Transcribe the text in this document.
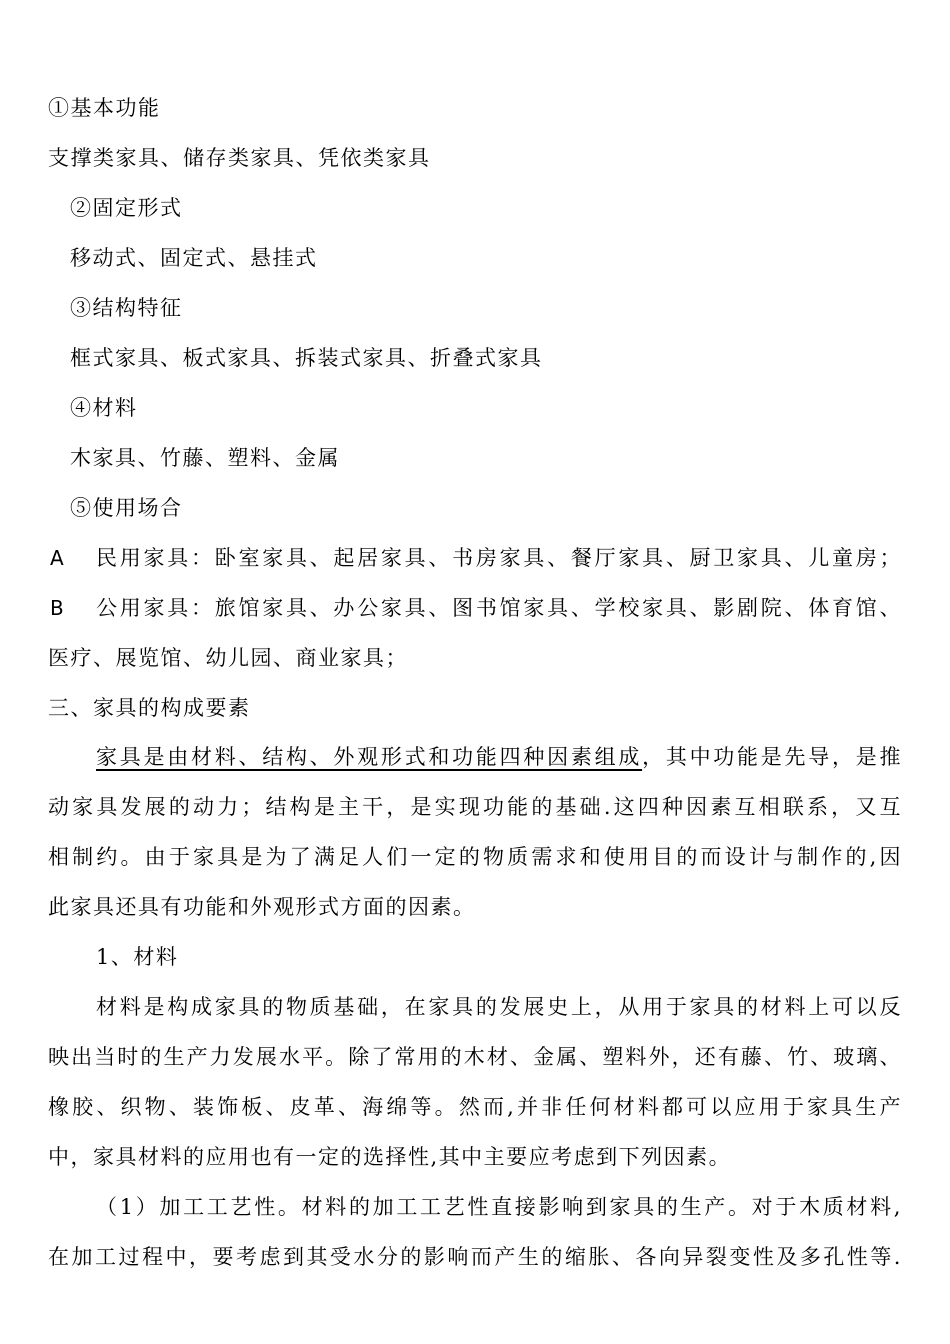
①基本功能
支撑类家具、储存类家具、凭依类家具
②固定形式
移动式、固定式、悬挂式
③结构特征
框式家具、板式家具、拆装式家具、折叠式家具
④材料
木家具、竹藤、塑料、金属
⑤使用场合
A 民用家具：卧室家具、起居家具、书房家具、餐厅家具、厨卫家具、儿童房；
B 公用家具：旅馆家具、办公家具、图书馆家具、学校家具、影剧院、体育馆、
医疗、展览馆、幼儿园、商业家具；
三、家具的构成要素
家具是由材料、结构、外观形式和功能四种因素组成，其中功能是先导，是推
动家具发展的动力；结构是主干，是实现功能的基础.这四种因素互相联系，又互
相制约。由于家具是为了满足人们一定的物质需求和使用目的而设计与制作的,因
此家具还具有功能和外观形式方面的因素。
1、材料
材料是构成家具的物质基础，在家具的发展史上，从用于家具的材料上可以反
映出当时的生产力发展水平。除了常用的木材、金属、塑料外，还有藤、竹、玻璃、
橡胶、织物、装饰板、皮革、海绵等。然而,并非任何材料都可以应用于家具生产
中，家具材料的应用也有一定的选择性,其中主要应考虑到下列因素。
（1）加工工艺性。材料的加工工艺性直接影响到家具的生产。对于木质材料,
在加工过程中，要考虑到其受水分的影响而产生的缩胀、各向异裂变性及多孔性等.
